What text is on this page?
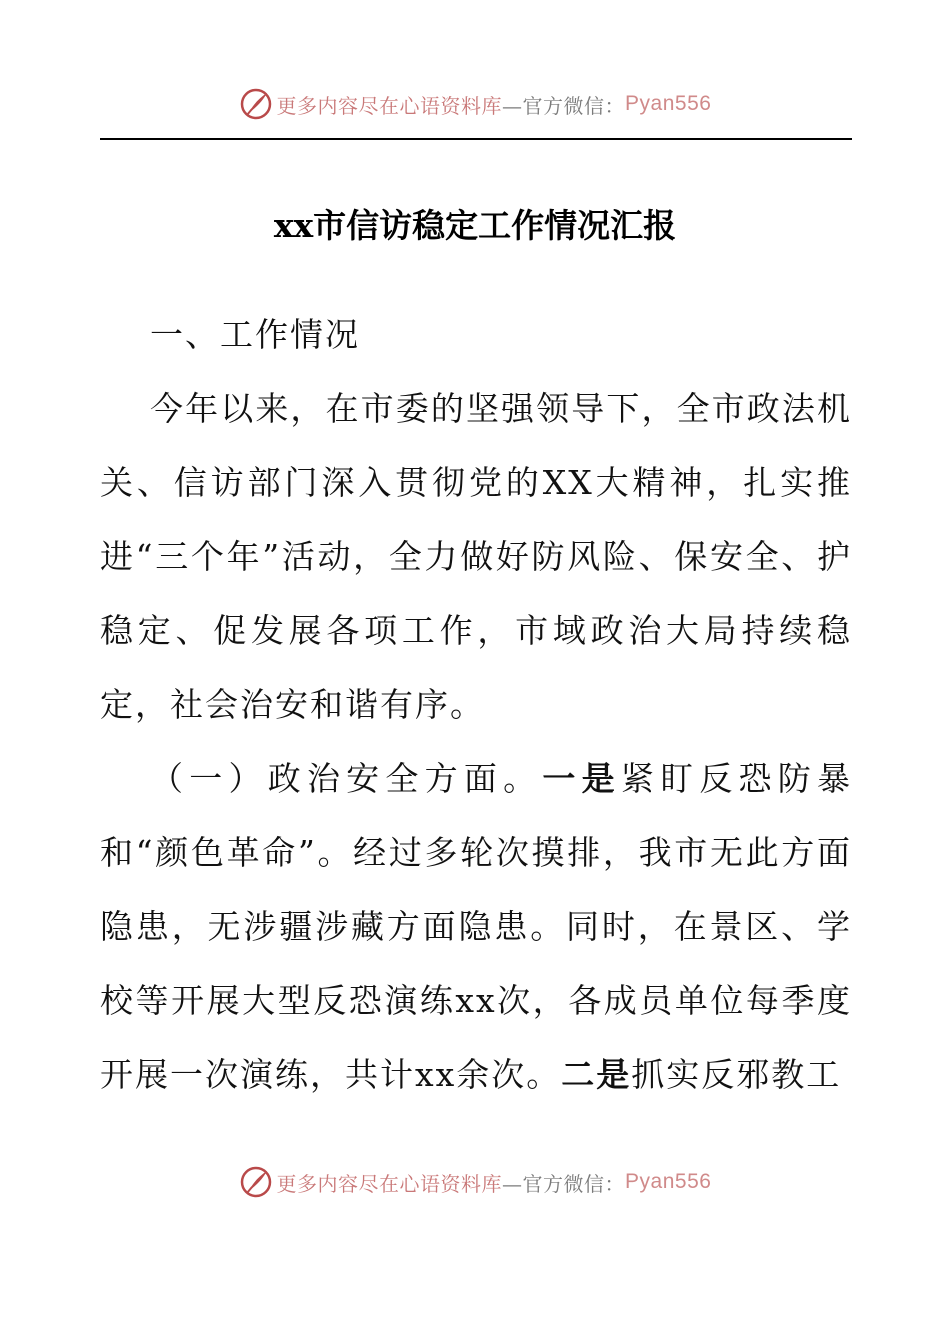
更多内容尽在心语资料库 —官方微信： Pyan556
xx市信访稳定工作情况汇报

一、工作情况

今年以来，在市委的坚强领导下，全市政法机关、信访部门深入贯彻党的XX大精神，扎实推进“三个年”活动，全力做好防风险、保安全、护稳定、促发展各项工作，市域政治大局持续稳定，社会治安和谐有序。

（一）政治安全方面。一是紧盯反恐防暴和“颜色革命”。经过多轮次摸排，我市无此方面隐患，无涉疆涉藏方面隐患。同时，在景区、学校等开展大型反恐演练xx次，各成员单位每季度开展一次演练，共计xx余次。二是抓实反邪教工

更多内容尽在心语资料库 —官方微信： Pyan556
